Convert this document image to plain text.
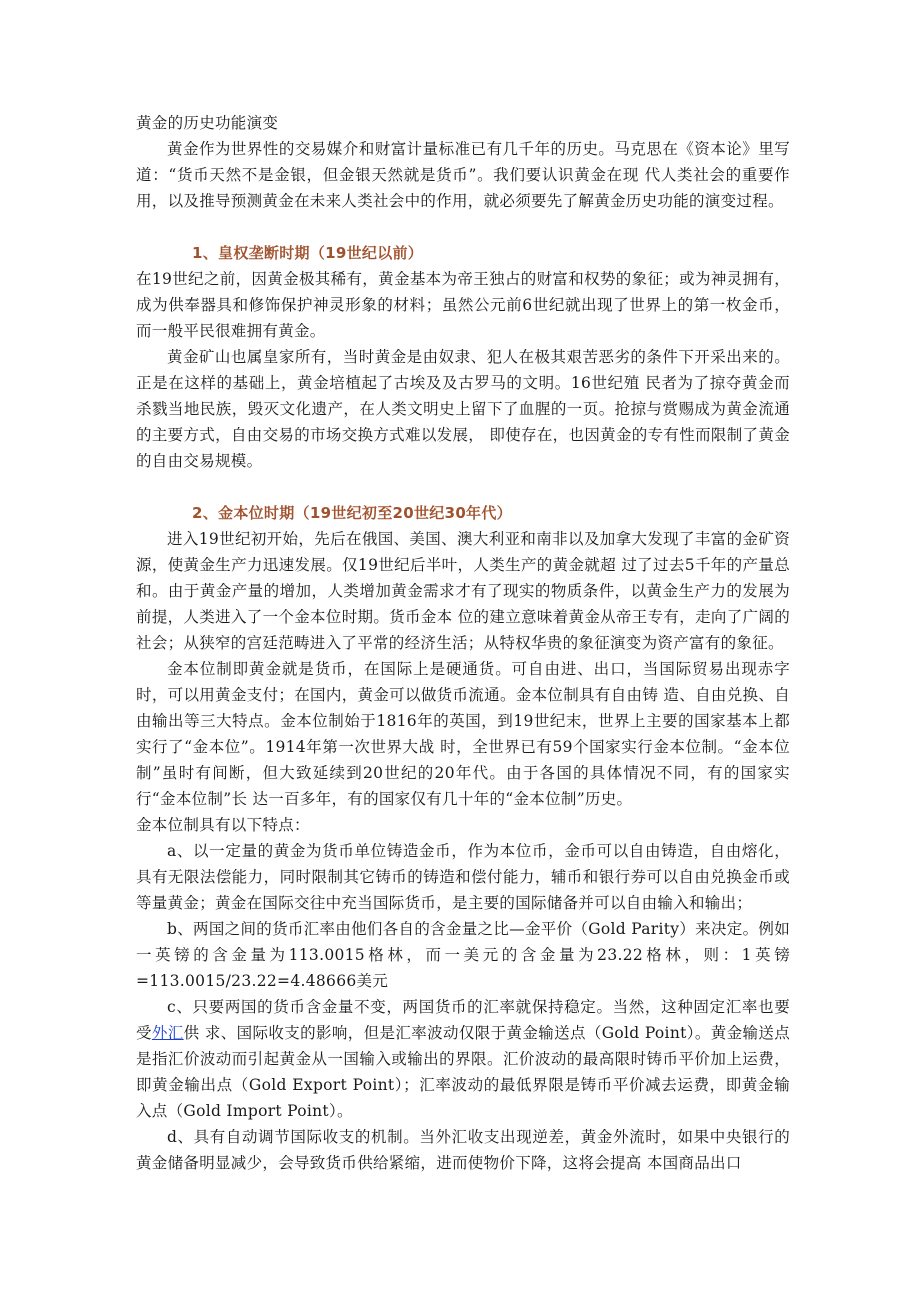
黄金的历史功能演变

黄金作为世界性的交易媒介和财富计量标准已有几千年的历史。马克思在《资本论》里写道：“货币天然不是金银，但金银天然就是货币”。我们要认识黄金在现 代人类社会的重要作用，以及推导预测黄金在未来人类社会中的作用，就必须要先了解黄金历史功能的演变过程。

1、皇权垄断时期（19世纪以前）

在19世纪之前，因黄金极其稀有，黄金基本为帝王独占的财富和权势的象征；或为神灵拥有，成为供奉器具和修饰保护神灵形象的材料；虽然公元前6世纪就出现了世界上的第一枚金币，而一般平民很难拥有黄金。

黄金矿山也属皇家所有，当时黄金是由奴隶、犯人在极其艰苦恶劣的条件下开采出来的。正是在这样的基础上，黄金培植起了古埃及及古罗马的文明。16世纪殖 民者为了掠夺黄金而杀戮当地民族，毁灭文化遗产，在人类文明史上留下了血腥的一页。抢掠与赏赐成为黄金流通的主要方式，自由交易的市场交换方式难以发展， 即使存在，也因黄金的专有性而限制了黄金的自由交易规模。

2、金本位时期（19世纪初至20世纪30年代）

进入19世纪初开始，先后在俄国、美国、澳大利亚和南非以及加拿大发现了丰富的金矿资源，使黄金生产力迅速发展。仅19世纪后半叶，人类生产的黄金就超 过了过去5千年的产量总和。由于黄金产量的增加，人类增加黄金需求才有了现实的物质条件，以黄金生产力的发展为前提，人类进入了一个金本位时期。货币金本 位的建立意味着黄金从帝王专有，走向了广阔的社会；从狭窄的宫廷范畴进入了平常的经济生活；从特权华贵的象征演变为资产富有的象征。

金本位制即黄金就是货币，在国际上是硬通货。可自由进、出口，当国际贸易出现赤字时，可以用黄金支付；在国内，黄金可以做货币流通。金本位制具有自由铸 造、自由兑换、自由输出等三大特点。金本位制始于1816年的英国，到19世纪末，世界上主要的国家基本上都实行了“金本位”。1914年第一次世界大战 时，全世界已有59个国家实行金本位制。“金本位制”虽时有间断，但大致延续到20世纪的20年代。由于各国的具体情况不同，有的国家实行“金本位制”长 达一百多年，有的国家仅有几十年的“金本位制”历史。

金本位制具有以下特点：

a、以一定量的黄金为货币单位铸造金币，作为本位币，金币可以自由铸造，自由熔化，具有无限法偿能力，同时限制其它铸币的铸造和偿付能力，辅币和银行券可以自由兑换金币或等量黄金；黄金在国际交往中充当国际货币，是主要的国际储备并可以自由输入和输出；

b、两国之间的货币汇率由他们各自的含金量之比—金平价（Gold Parity）来决定。例如一英镑的含金量为113.0015格林，而一美元的含金量为23.22格林，则：1英镑=113.0015/23.22=4.48666美元

c、只要两国的货币含金量不变，两国货币的汇率就保持稳定。当然，这种固定汇率也要受外汇供 求、国际收支的影响，但是汇率波动仅限于黄金输送点（Gold Point）。黄金输送点是指汇价波动而引起黄金从一国输入或输出的界限。汇价波动的最高限时铸币平价加上运费，即黄金输出点（Gold Export Point）；汇率波动的最低界限是铸币平价减去运费，即黄金输入点（Gold Import Point）。

d、具有自动调节国际收支的机制。当外汇收支出现逆差，黄金外流时，如果中央银行的黄金储备明显减少，会导致货币供给紧缩，进而使物价下降，这将会提高 本国商品出口
